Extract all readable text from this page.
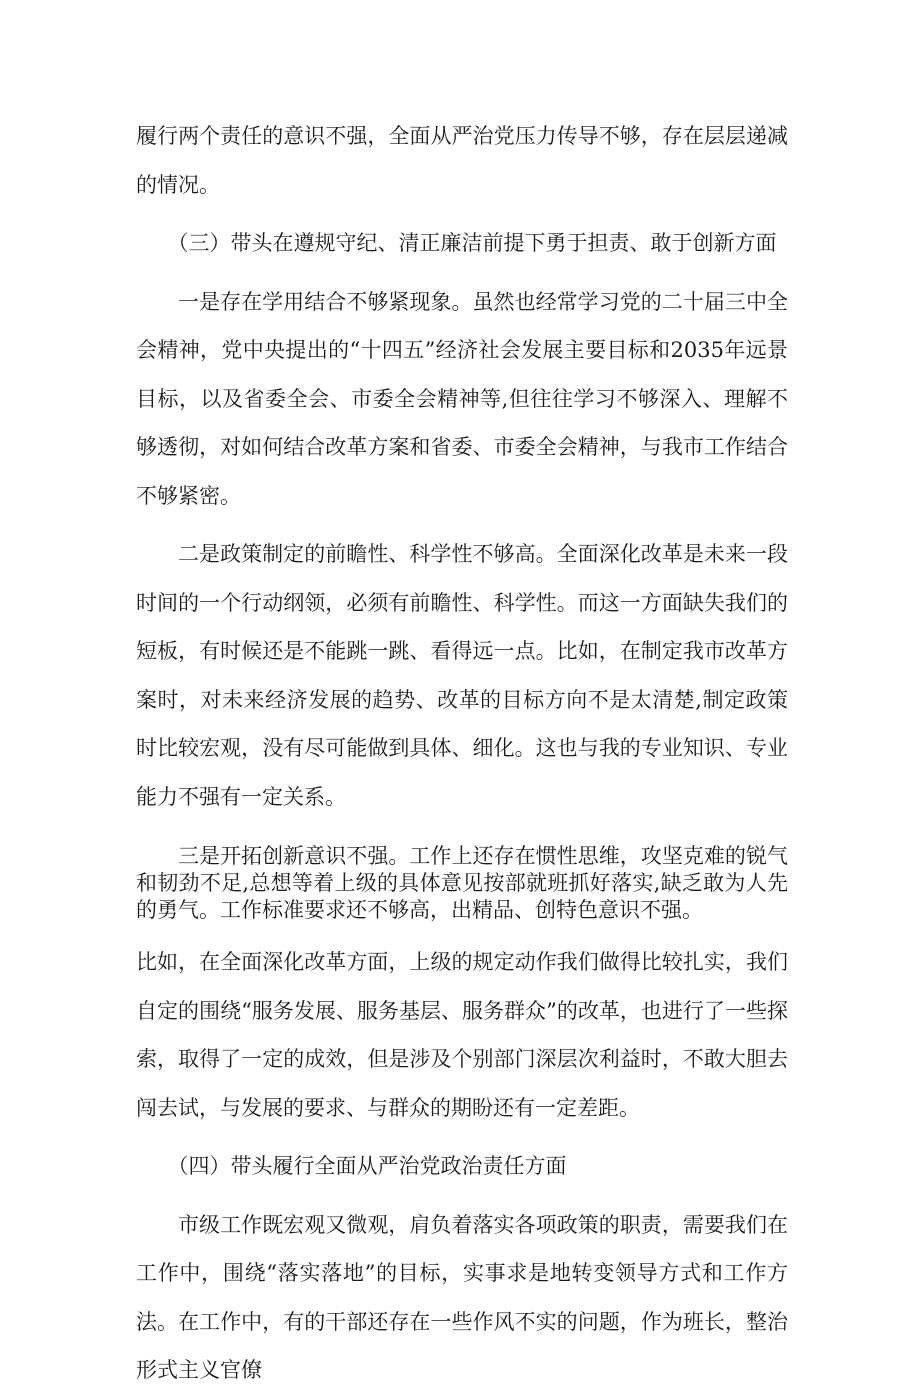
履行两个责任的意识不强，全面从严治党压力传导不够，存在层层递减的情况。

（三）带头在遵规守纪、清正廉洁前提下勇于担责、敢于创新方面

一是存在学用结合不够紧现象。虽然也经常学习党的二十届三中全会精神，党中央提出的“十四五”经济社会发展主要目标和2035年远景目标，以及省委全会、市委全会精神等,但往往学习不够深入、理解不够透彻，对如何结合改革方案和省委、市委全会精神，与我市工作结合不够紧密。

二是政策制定的前瞻性、科学性不够高。全面深化改革是未来一段时间的一个行动纲领，必须有前瞻性、科学性。而这一方面缺失我们的短板，有时候还是不能跳一跳、看得远一点。比如，在制定我市改革方案时，对未来经济发展的趋势、改革的目标方向不是太清楚,制定政策时比较宏观，没有尽可能做到具体、细化。这也与我的专业知识、专业能力不强有一定关系。

三是开拓创新意识不强。工作上还存在惯性思维，攻坚克难的锐气和韧劲不足,总想等着上级的具体意见按部就班抓好落实,缺乏敢为人先的勇气。工作标准要求还不够高，出精品、创特色意识不强。

比如，在全面深化改革方面，上级的规定动作我们做得比较扎实，我们自定的围绕“服务发展、服务基层、服务群众”的改革，也进行了一些探索，取得了一定的成效，但是涉及个别部门深层次利益时，不敢大胆去闯去试，与发展的要求、与群众的期盼还有一定差距。

（四）带头履行全面从严治党政治责任方面

市级工作既宏观又微观，肩负着落实各项政策的职责，需要我们在工作中，围绕“落实落地”的目标，实事求是地转变领导方式和工作方法。在工作中，有的干部还存在一些作风不实的问题，作为班长，整治形式主义官僚
